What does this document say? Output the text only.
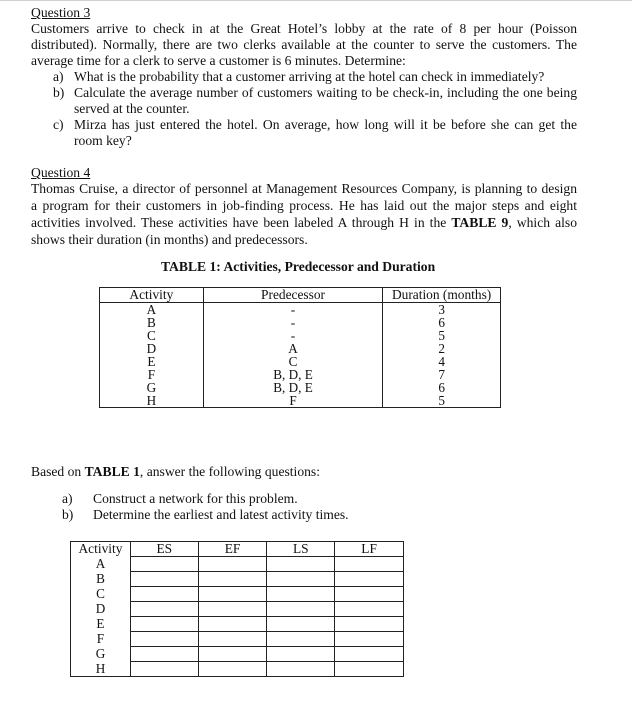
Question 3
Customers arrive to check in at the Great Hotel’s lobby at the rate of 8 per hour (Poisson
distributed). Normally, there are two clerks available at the counter to serve the customers. The
average time for a clerk to serve a customer is 6 minutes. Determine:
a) What is the probability that a customer arriving at the hotel can check in immediately?
b) Calculate the average number of customers waiting to be check-in, including the one being
served at the counter.
c) Mirza has just entered the hotel. On average, how long will it be before she can get the
room key?
Question 4
Thomas Cruise, a director of personnel at Management Resources Company, is planning to design
a program for their customers in job-finding process. He has laid out the major steps and eight
activities involved. These activities have been labeled A through H in the TABLE 9, which also
shows their duration (in months) and predecessors.
TABLE 1: Activities, Predecessor and Duration
Activity	Predecessor	Duration (months)
A	-	3
B	-	6
C	-	5
D	A	2
E	C	4
F	B, D, E	7
G	B, D, E	6
H	F	5
Based on TABLE 1, answer the following questions:
a) Construct a network for this problem.
b) Determine the earliest and latest activity times.
Activity	ES	EF	LS	LF
A				
B				
C				
D				
E				
F				
G				
H				
